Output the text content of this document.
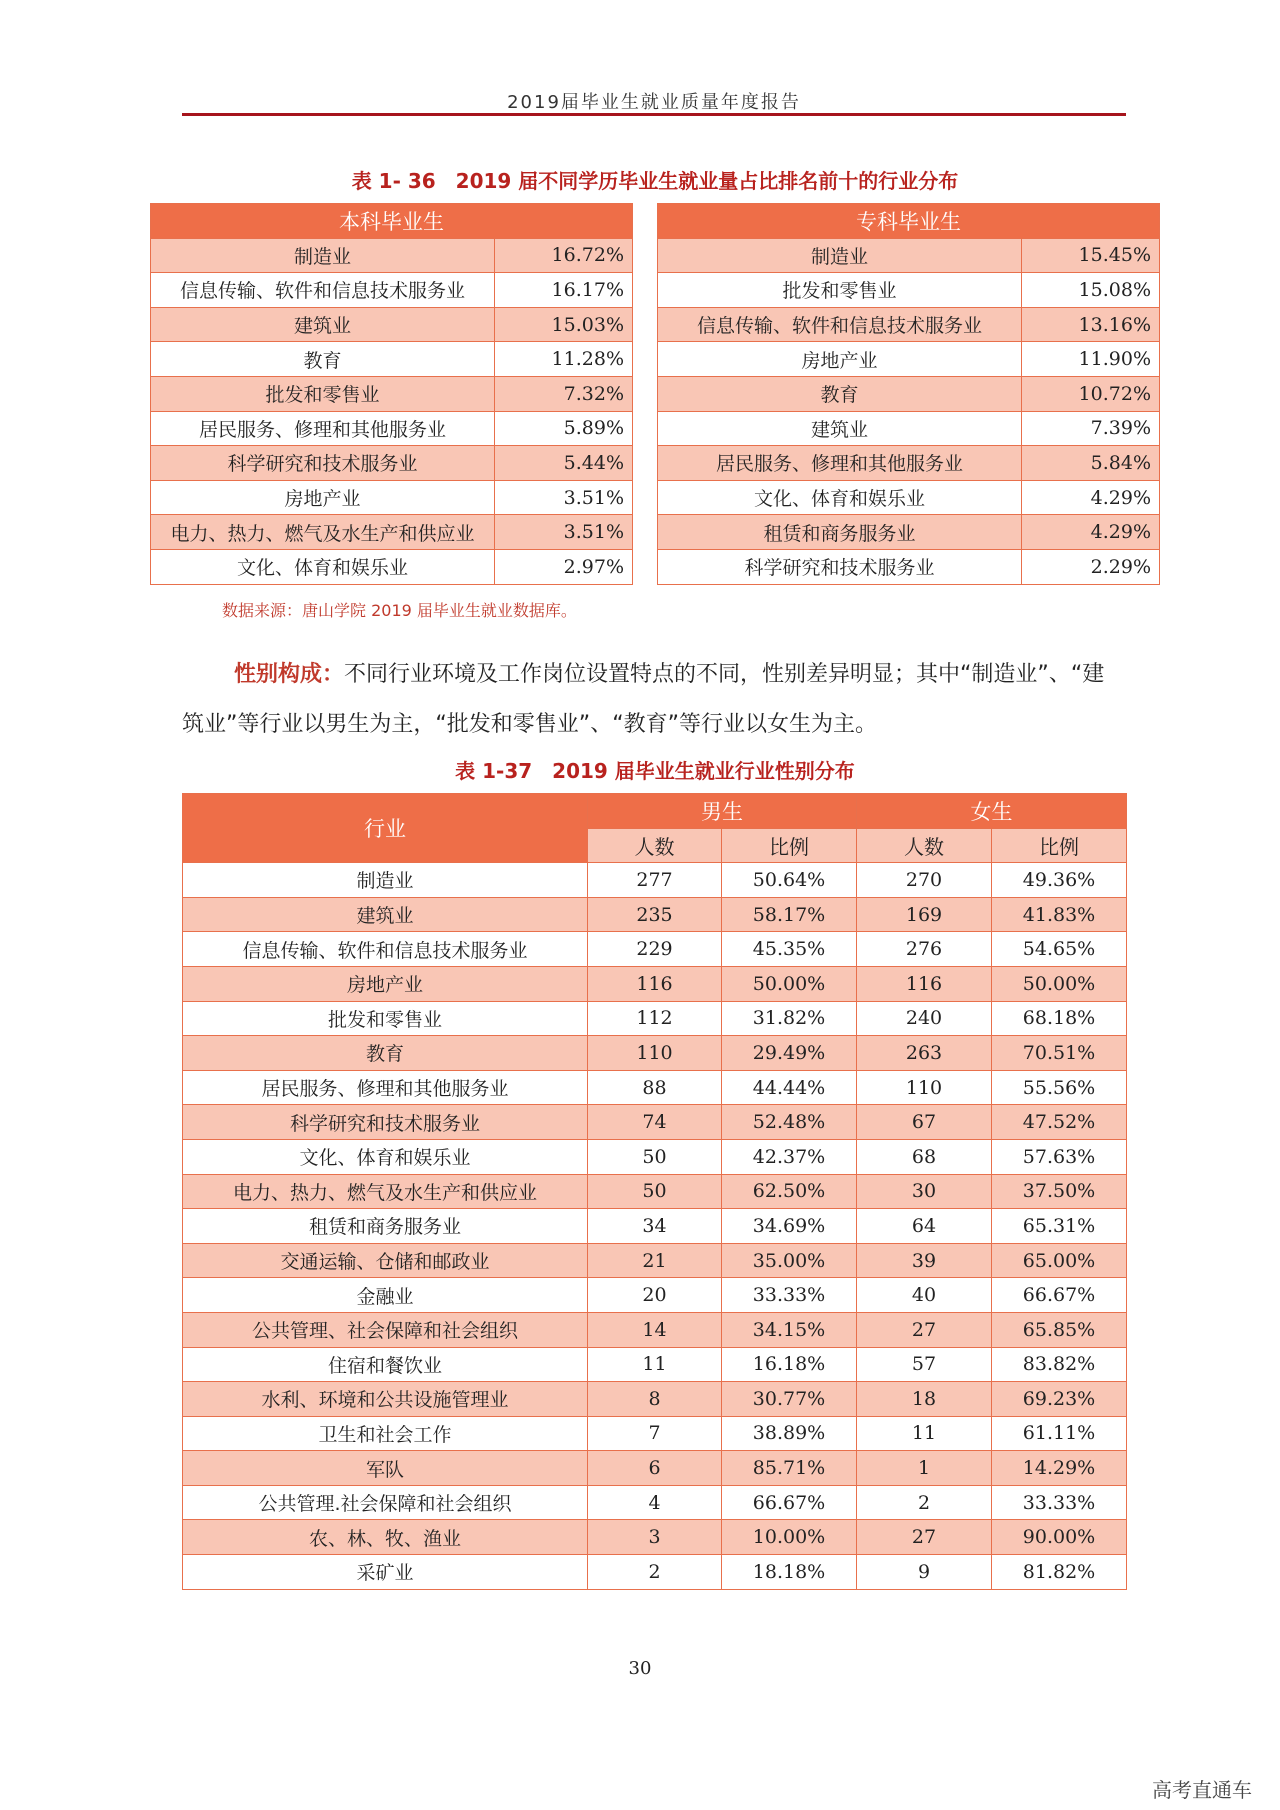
2019届毕业生就业质量年度报告
表 1- 36　2019 届不同学历毕业生就业量占比排名前十的行业分布
本科毕业生	
制造业	16.72%
信息传输、软件和信息技术服务业	16.17%
建筑业	15.03%
教育	11.28%
批发和零售业	7.32%
居民服务、修理和其他服务业	5.89%
科学研究和技术服务业	5.44%
房地产业	3.51%
电力、热力、燃气及水生产和供应业	3.51%
文化、体育和娱乐业	2.97%
专科毕业生	
制造业	15.45%
批发和零售业	15.08%
信息传输、软件和信息技术服务业	13.16%
房地产业	11.90%
教育	10.72%
建筑业	7.39%
居民服务、修理和其他服务业	5.84%
文化、体育和娱乐业	4.29%
租赁和商务服务业	4.29%
科学研究和技术服务业	2.29%
数据来源：唐山学院 2019 届毕业生就业数据库。
性别构成：不同行业环境及工作岗位设置特点的不同，性别差异明显；其中“制造业”、“建筑业”等行业以男生为主，“批发和零售业”、“教育”等行业以女生为主。
表 1-37　2019 届毕业生就业行业性别分布
行业	男生		女生	
	人数	比例	人数	比例
制造业	277	50.64%	270	49.36%
建筑业	235	58.17%	169	41.83%
信息传输、软件和信息技术服务业	229	45.35%	276	54.65%
房地产业	116	50.00%	116	50.00%
批发和零售业	112	31.82%	240	68.18%
教育	110	29.49%	263	70.51%
居民服务、修理和其他服务业	88	44.44%	110	55.56%
科学研究和技术服务业	74	52.48%	67	47.52%
文化、体育和娱乐业	50	42.37%	68	57.63%
电力、热力、燃气及水生产和供应业	50	62.50%	30	37.50%
租赁和商务服务业	34	34.69%	64	65.31%
交通运输、仓储和邮政业	21	35.00%	39	65.00%
金融业	20	33.33%	40	66.67%
公共管理、社会保障和社会组织	14	34.15%	27	65.85%
住宿和餐饮业	11	16.18%	57	83.82%
水利、环境和公共设施管理业	8	30.77%	18	69.23%
卫生和社会工作	7	38.89%	11	61.11%
军队	6	85.71%	1	14.29%
公共管理.社会保障和社会组织	4	66.67%	2	33.33%
农、林、牧、渔业	3	10.00%	27	90.00%
采矿业	2	18.18%	9	81.82%
30
高考直通车
